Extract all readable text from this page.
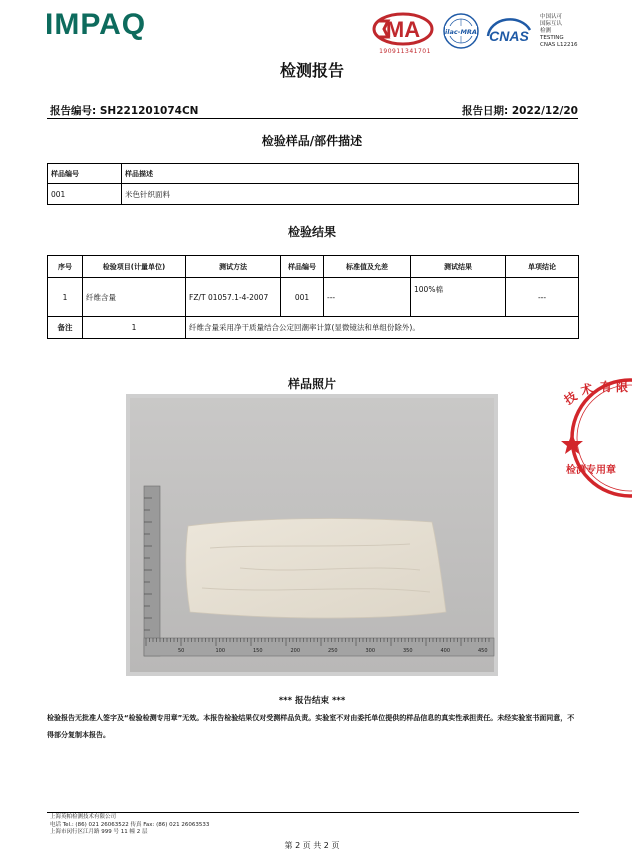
IMPAQ	MA
190911341701
ilac-MRA CNAS
中国认可
国际互认
检测
TESTING
CNAS L12216
检测报告
报告编号: SH221201074CN	报告日期: 2022/12/20
检验样品/部件描述
样品编号	样品描述
001	米色针织面料
检验结果
序号	检验项目(计量单位)	测试方法	样品编号	标准值及允差	测试结果	单项结论
1	纤维含量	FZ/T 01057.1-4-2007	001	---	100%棉	---
备注	1	纤维含量采用净干质量结合公定回潮率计算(显微镜法和单组份除外)。				
样品照片
50	100	150	200	250	300	350	400	450
技 术 有 限
检测专用章
*** 报告结束 ***
检验报告无批准人签字及“检验检测专用章”无效。本报告检验结果仅对受测样品负责。实验室不对由委托单位提供的样品信息的真实性承担责任。未经实验室书面同意，不得部分复制本报告。
上海英帕检测技术有限公司
电话 Tel.: (86) 021 26063522 传真 Fax: (86) 021 26063533
上海市闵行区江月路 999 号 11 幢 2 层
第 2 页 共 2 页
